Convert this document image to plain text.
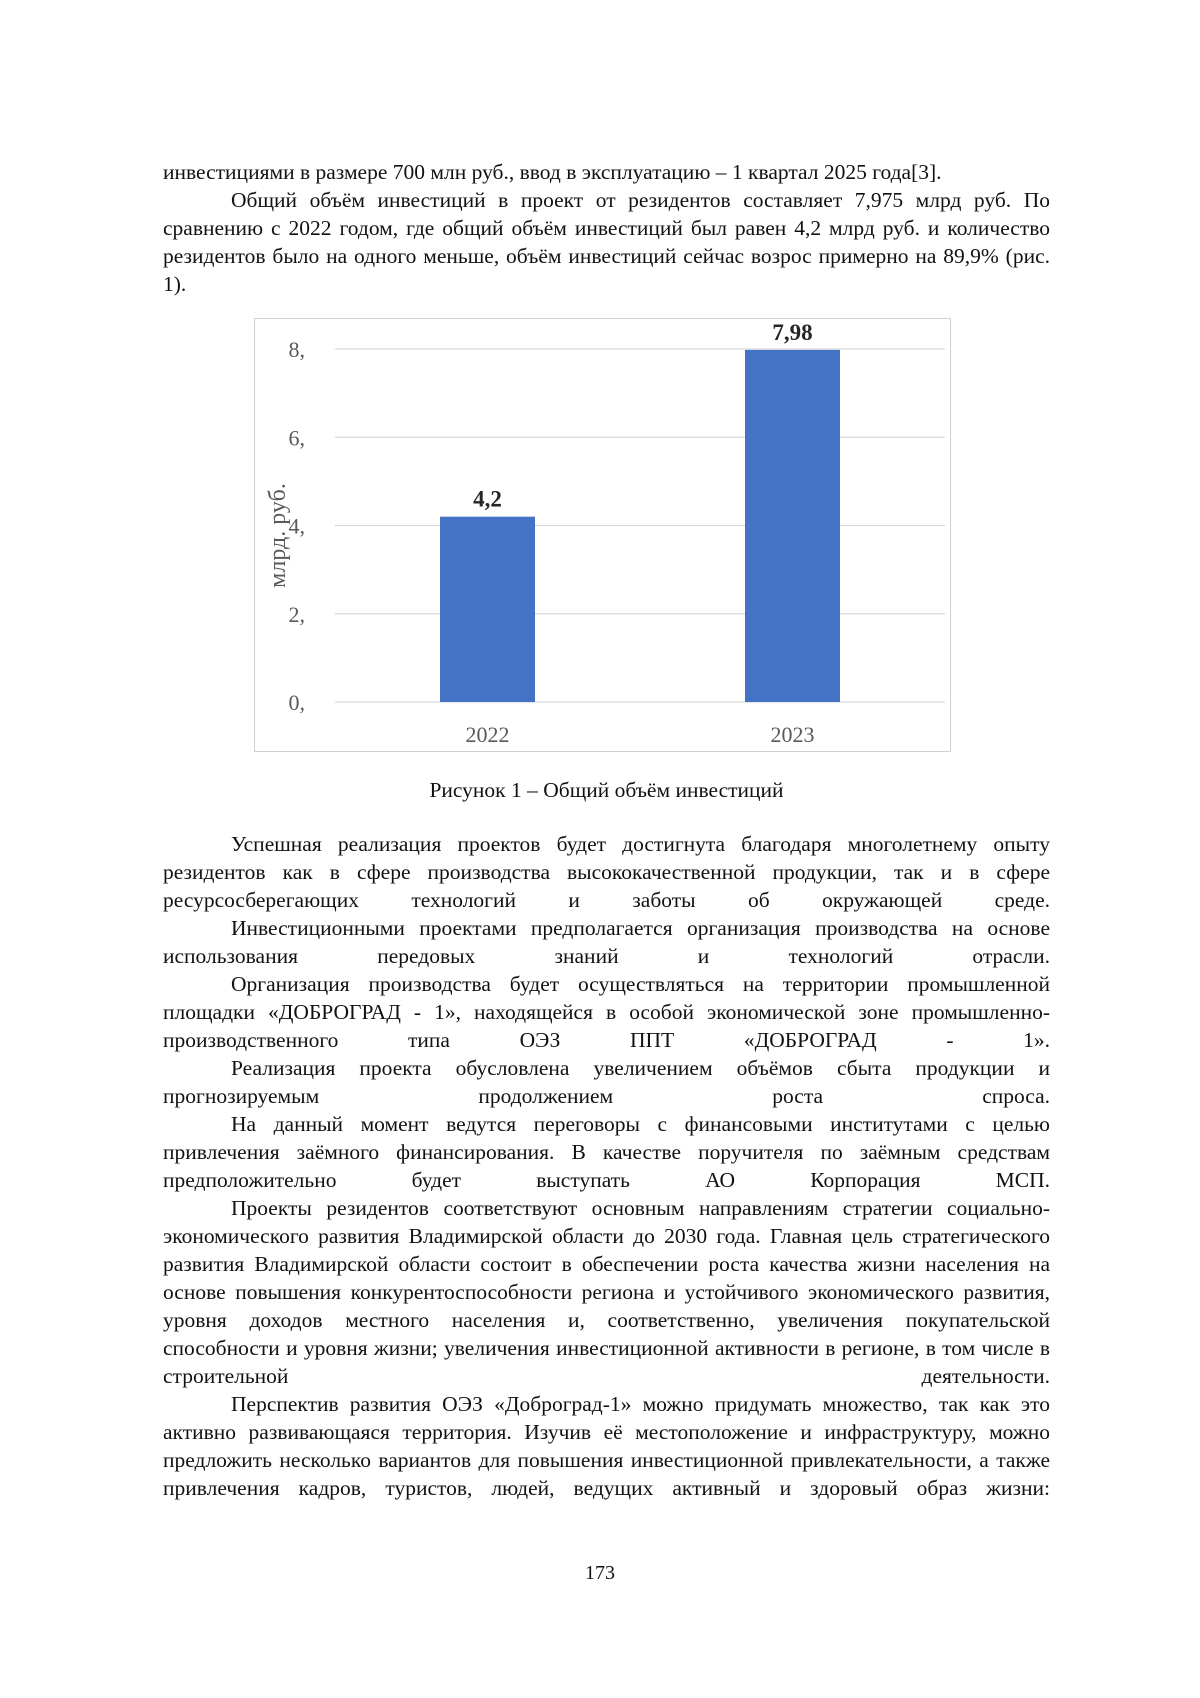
инвестициями в размере 700 млн руб., ввод в эксплуатацию – 1 квартал 2025 года[3].

Общий объём инвестиций в проект от резидентов составляет 7,975 млрд руб. По сравнению с 2022 годом, где общий объём инвестиций был равен 4,2 млрд руб. и количество резидентов было на одного меньше, объём инвестиций сейчас возрос примерно на 89,9% (рис. 1).

0,
2,
4,
6,
8,
млрд. руб.	4,2
2022
7,98
2023
Рисунок 1 – Общий объём инвестиций

Успешная реализация проектов будет достигнута благодаря многолетнему опыту резидентов как в сфере производства высококачественной продукции, так и в сфере ресурсосберегающих технологий и заботы об окружающей среде.

Инвестиционными проектами предполагается организация производства на основе использования передовых знаний и технологий отрасли.

Организация производства будет осуществляться на территории промышленной площадки «ДОБРОГРАД - 1», находящейся в особой экономической зоне промышленно-производственного типа ОЭЗ ППТ «ДОБРОГРАД - 1».

Реализация проекта обусловлена увеличением объёмов сбыта продукции и прогнозируемым продолжением роста спроса.

На данный момент ведутся переговоры с финансовыми институтами с целью привлечения заёмного финансирования. В качестве поручителя по заёмным средствам предположительно будет выступать АО Корпорация МСП.

Проекты резидентов соответствуют основным направлениям стратегии социально-экономического развития Владимирской области до 2030 года. Главная цель стратегического развития Владимирской области состоит в обеспечении роста качества жизни населения на основе повышения конкурентоспособности региона и устойчивого экономического развития, уровня доходов местного населения и, соответственно, увеличения покупательской способности и уровня жизни; увеличения инвестиционной активности в регионе, в том числе в строительной деятельности.

Перспектив развития ОЭЗ «Доброград-1» можно придумать множество, так как это активно развивающаяся территория. Изучив её местоположение и инфраструктуру, можно предложить несколько вариантов для повышения инвестиционной привлекательности, а также привлечения кадров, туристов, людей, ведущих активный и здоровый образ жизни:

173
